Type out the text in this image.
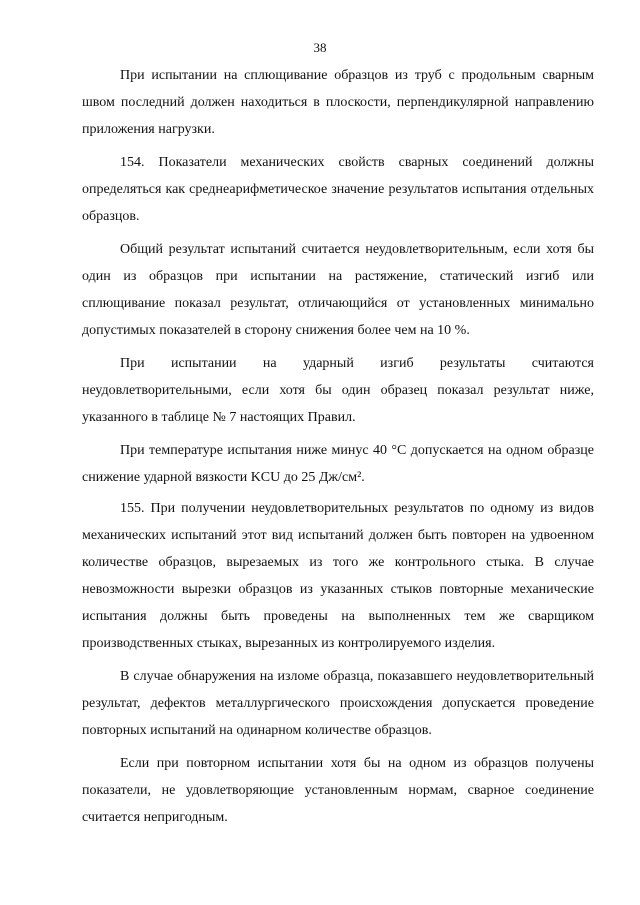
38

При испытании на сплющивание образцов из труб с продольным сварным швом последний должен находиться в плоскости, перпендикулярной направлению приложения нагрузки.

154. Показатели механических свойств сварных соединений должны определяться как среднеарифметическое значение результатов испытания отдельных образцов.

Общий результат испытаний считается неудовлетворительным, если хотя бы один из образцов при испытании на растяжение, статический изгиб или сплющивание показал результат, отличающийся от установленных минимально допустимых показателей в сторону снижения более чем на 10 %.

При испытании на ударный изгиб результаты считаются неудовлетворительными, если хотя бы один образец показал результат ниже, указанного в таблице № 7 настоящих Правил.

При температуре испытания ниже минус 40 °С допускается на одном образце снижение ударной вязкости KCU до 25 Дж/см².

155. При получении неудовлетворительных результатов по одному из видов механических испытаний этот вид испытаний должен быть повторен на удвоенном количестве образцов, вырезаемых из того же контрольного стыка. В случае невозможности вырезки образцов из указанных стыков повторные механические испытания должны быть проведены на выполненных тем же сварщиком производственных стыках, вырезанных из контролируемого изделия.

В случае обнаружения на изломе образца, показавшего неудовлетворительный результат, дефектов металлургического происхождения допускается проведение повторных испытаний на одинарном количестве образцов.

Если при повторном испытании хотя бы на одном из образцов получены показатели, не удовлетворяющие установленным нормам, сварное соединение считается непригодным.
